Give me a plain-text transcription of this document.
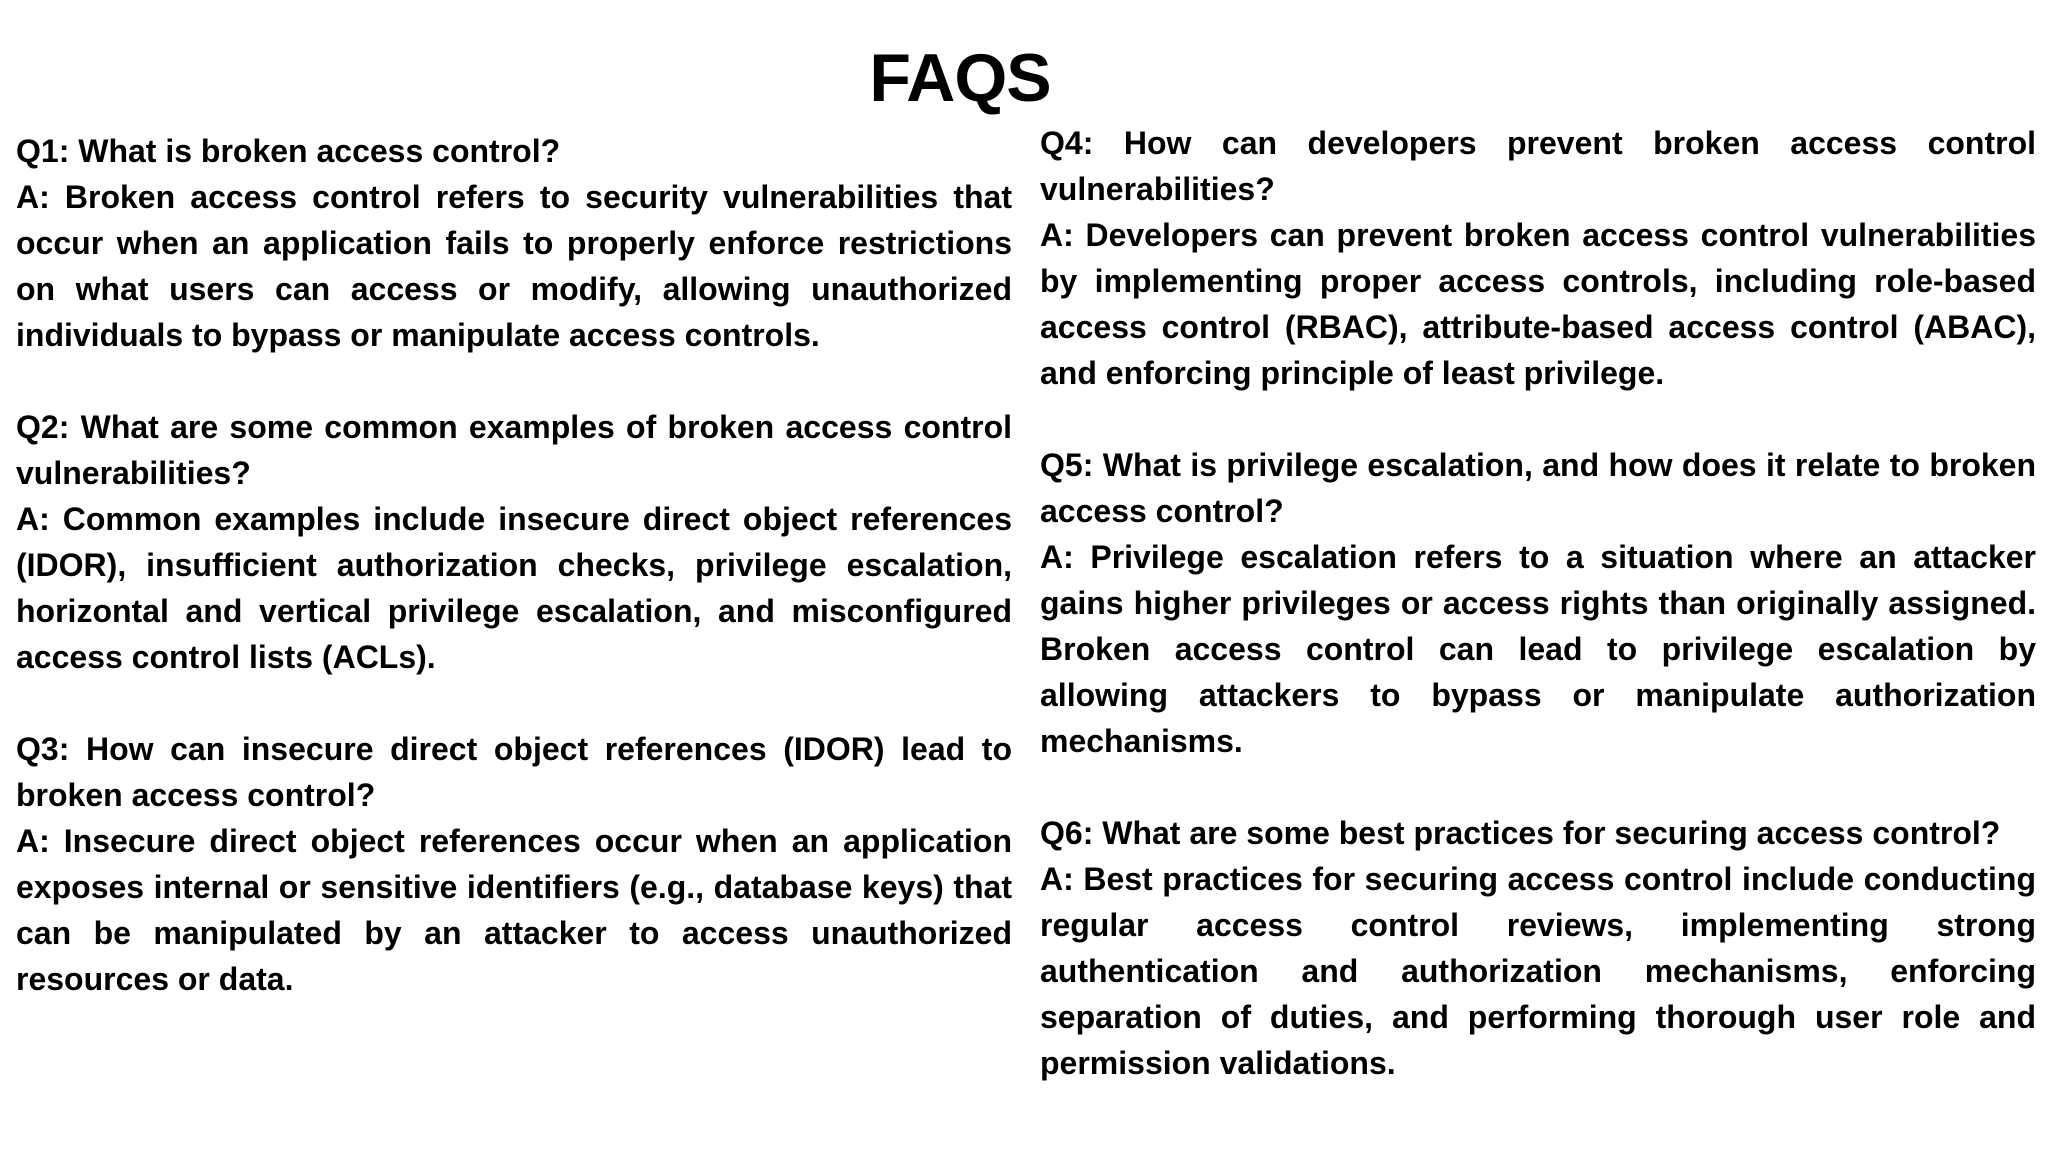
FAQS

Q1: What is broken access control?

A: Broken access control refers to security vulnerabilities that occur when an application fails to properly enforce restrictions on what users can access or modify, allowing unauthorized individuals to bypass or manipulate access controls.

Q2: What are some common examples of broken access control vulnerabilities?

A: Common examples include insecure direct object references (IDOR), insufficient authorization checks, privilege escalation, horizontal and vertical privilege escalation, and misconfigured access control lists (ACLs).

Q3: How can insecure direct object references (IDOR) lead to broken access control?

A: Insecure direct object references occur when an application exposes internal or sensitive identifiers (e.g., database keys) that can be manipulated by an attacker to access unauthorized resources or data.

Q4: How can developers prevent broken access control vulnerabilities?

A: Developers can prevent broken access control vulnerabilities by implementing proper access controls, including role-based access control (RBAC), attribute-based access control (ABAC), and enforcing principle of least privilege.

Q5: What is privilege escalation, and how does it relate to broken access control?

A: Privilege escalation refers to a situation where an attacker gains higher privileges or access rights than originally assigned. Broken access control can lead to privilege escalation by allowing attackers to bypass or manipulate authorization mechanisms.

Q6: What are some best practices for securing access control?

A: Best practices for securing access control include conducting regular access control reviews, implementing strong authentication and authorization mechanisms, enforcing separation of duties, and performing thorough user role and permission validations.
